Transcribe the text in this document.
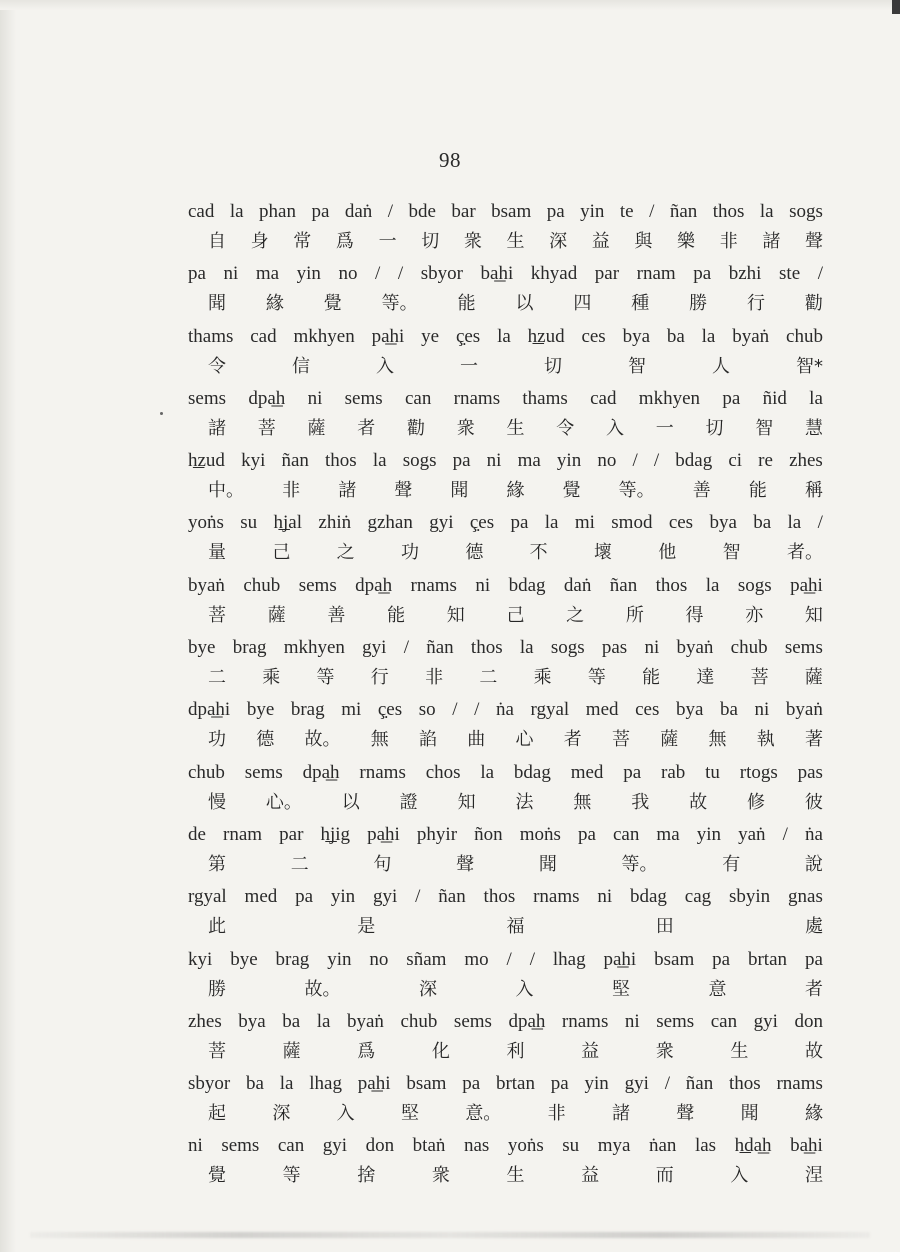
98
cad la phan pa daṅ / bde bar bsam pa yin te / ñan thos la sogs
自 身 常 爲 一 切 衆 生 深 益 與 樂 非 諸 聲
pa ni ma yin no / / sbyor ba͟hi khyad par rnam pa bzhi ste /
聞 緣 覺 等。 能 以 四 種 勝 行 勸
thams cad mkhyen pa͟hi ye ç̣es la h͟zud ces bya ba la byaṅ chub
令	信	入	一	切	智	人	智*
sems dpa͟h ni sems can rnams thams cad mkhyen pa ñid la
諸 菩 薩 者 勸 衆 生 令 入 一 切 智 慧
h͟zud kyi ñan thos la sogs pa ni ma yin no / / bdag ci re zhes
中。 非 諸 聲 聞 緣 覺 等。 善 能 稱
yoṅs su h͟jal zhiṅ gzhan gyi ç̣es pa la mi smod ces bya ba la /
量	己	之	功	德	不	壞	他	智	者。
byaṅ chub sems dpa͟h rnams ni bdag daṅ ñan thos la sogs pa͟hi
菩 薩 善 能 知 己 之 所 得 亦 知
bye brag mkhyen gyi / ñan thos la sogs pas ni byaṅ chub sems
二 乘 等 行 非 二 乘 等 能 達 菩 薩
dpa͟hi bye brag mi ç̣es so / / ṅa rgyal med ces bya ba ni byaṅ
功 德 故。 無 諂 曲 心 者 菩 薩 無 執 著
chub sems dpa͟h rnams chos la bdag med pa rab tu rtogs pas
慢 心。 以 證 知 法 無 我 故 修 彼
de rnam par h͟jig pa͟hi phyir ñon moṅs pa can ma yin yaṅ / ṅa
第	二	句	聲	聞	等。	有	說
rgyal med pa yin gyi / ñan thos rnams ni bdag cag sbyin gnas
此	是	福	田	處
kyi bye brag yin no sñam mo / / lhag pa͟hi bsam pa brtan pa
勝	故。	深	入	堅	意	者
zhes bya ba la byaṅ chub sems dpa͟h rnams ni sems can gyi don
菩	薩	爲	化	利	益	衆	生	故
sbyor ba la lhag pa͟hi bsam pa brtan pa yin gyi / ñan thos rnams
起	深	入	堅	意。	非	諸	聲	聞	緣
ni sems can gyi don btaṅ nas yoṅs su mya ṅan las h͟da͟h ba͟hi
覺	等	捨	衆	生	益	而	入	涅
